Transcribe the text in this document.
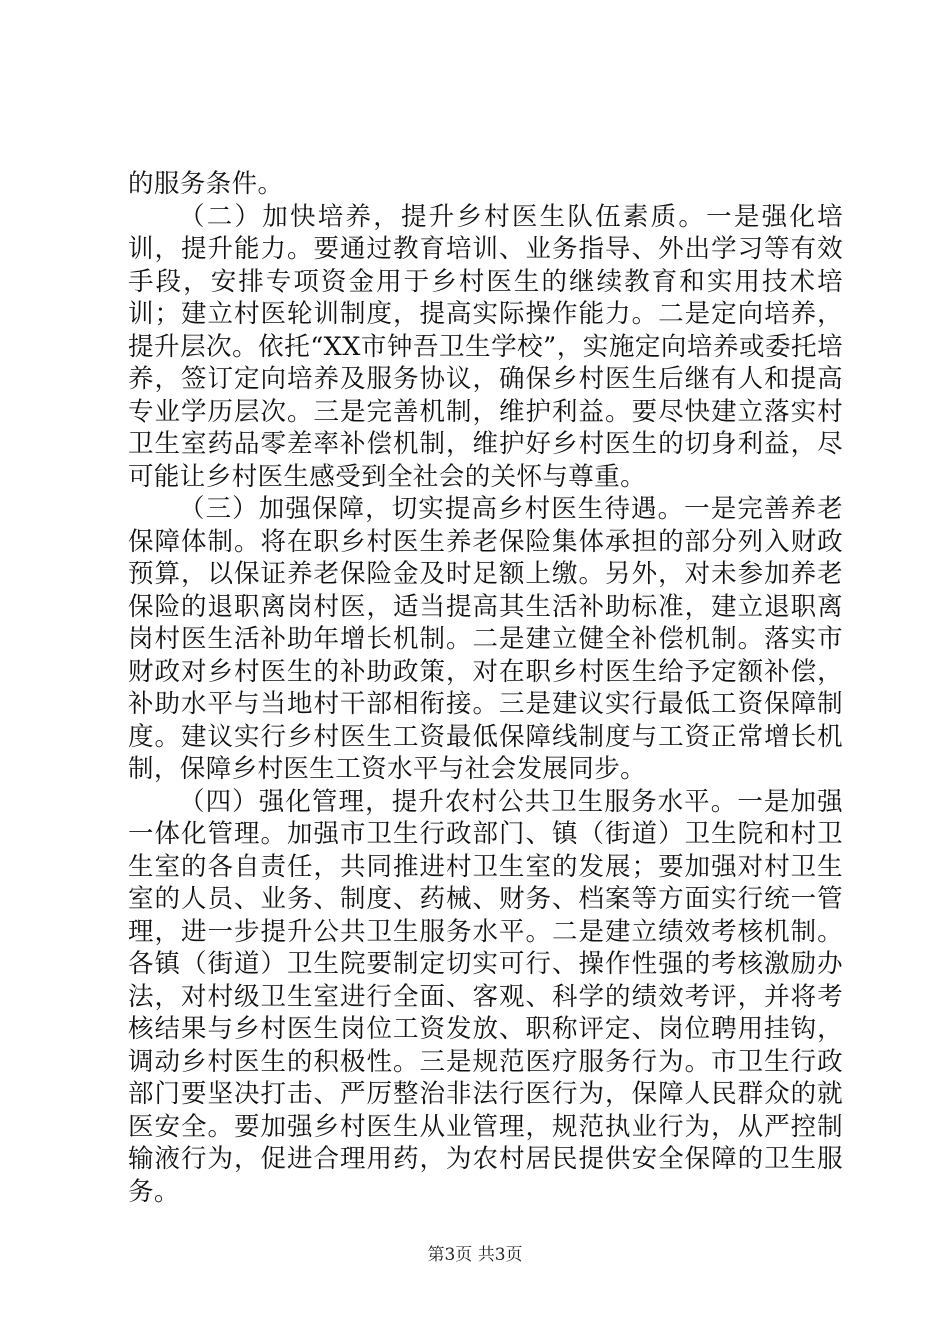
的服务条件。

（二）加快培养，提升乡村医生队伍素质。一是强化培训，提升能力。要通过教育培训、业务指导、外出学习等有效手段，安排专项资金用于乡村医生的继续教育和实用技术培训；建立村医轮训制度，提高实际操作能力。二是定向培养，提升层次。依托“XX市钟吾卫生学校”，实施定向培养或委托培养，签订定向培养及服务协议，确保乡村医生后继有人和提高专业学历层次。三是完善机制，维护利益。要尽快建立落实村卫生室药品零差率补偿机制，维护好乡村医生的切身利益，尽可能让乡村医生感受到全社会的关怀与尊重。

（三）加强保障，切实提高乡村医生待遇。一是完善养老保障体制。将在职乡村医生养老保险集体承担的部分列入财政预算，以保证养老保险金及时足额上缴。另外，对未参加养老保险的退职离岗村医，适当提高其生活补助标准，建立退职离岗村医生活补助年增长机制。二是建立健全补偿机制。落实市财政对乡村医生的补助政策，对在职乡村医生给予定额补偿，补助水平与当地村干部相衔接。三是建议实行最低工资保障制度。建议实行乡村医生工资最低保障线制度与工资正常增长机制，保障乡村医生工资水平与社会发展同步。

（四）强化管理，提升农村公共卫生服务水平。一是加强一体化管理。加强市卫生行政部门、镇（街道）卫生院和村卫生室的各自责任，共同推进村卫生室的发展；要加强对村卫生室的人员、业务、制度、药械、财务、档案等方面实行统一管理，进一步提升公共卫生服务水平。二是建立绩效考核机制。各镇（街道）卫生院要制定切实可行、操作性强的考核激励办法，对村级卫生室进行全面、客观、科学的绩效考评，并将考核结果与乡村医生岗位工资发放、职称评定、岗位聘用挂钩，调动乡村医生的积极性。三是规范医疗服务行为。市卫生行政部门要坚决打击、严厉整治非法行医行为，保障人民群众的就医安全。要加强乡村医生从业管理，规范执业行为，从严控制输液行为，促进合理用药，为农村居民提供安全保障的卫生服务。

第3页 共3页
